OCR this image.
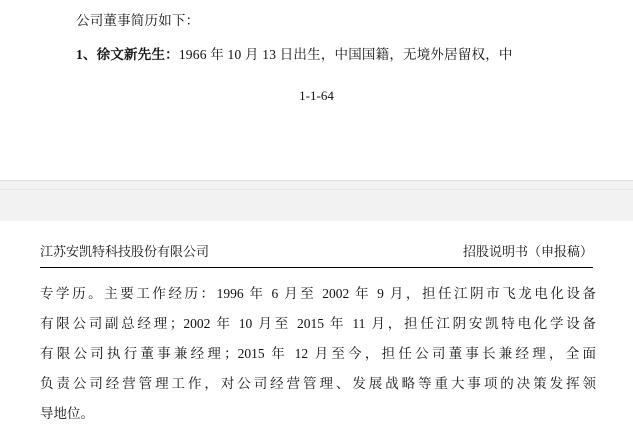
公司董事简历如下：
1、徐文新先生：1966 年 10 月 13 日出生，中国国籍，无境外居留权，中
1-1-64
江苏安凯特科技股份有限公司	招股说明书（申报稿）

专学历。主要工作经历：1996 年 6 月至 2002 年 9 月，担任江阴市飞龙电化设备
有限公司副总经理；2002 年 10 月至 2015 年 11 月，担任江阴安凯特电化学设备
有限公司执行董事兼经理；2015 年 12 月至今，担任公司董事长兼经理，全面
负责公司经营管理工作，对公司经营管理、发展战略等重大事项的决策发挥领
导地位。
